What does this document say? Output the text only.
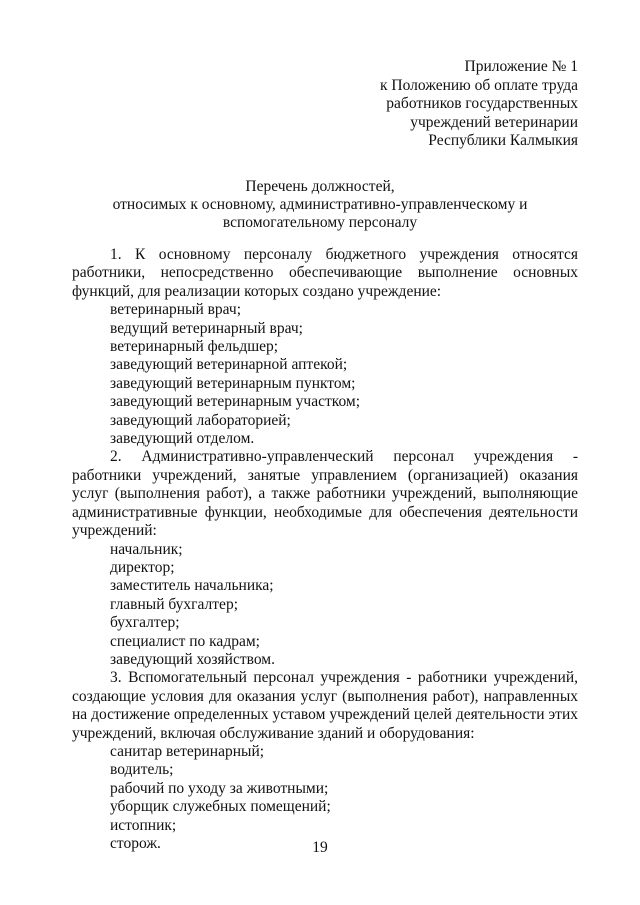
Приложение № 1
к Положению об оплате труда
работников государственных
учреждений ветеринарии
Республики Калмыкия
Перечень должностей,
относимых к основному, административно-управленческому и
вспомогательному персоналу

1. К основному персоналу бюджетного учреждения относятся работники, непосредственно обеспечивающие выполнение основных функций, для реализации которых создано учреждение:

ветеринарный врач;
ведущий ветеринарный врач;
ветеринарный фельдшер;
заведующий ветеринарной аптекой;
заведующий ветеринарным пунктом;
заведующий ветеринарным участком;
заведующий лабораторией;
заведующий отделом.

2. Административно-управленческий персонал учреждения - работники учреждений, занятые управлением (организацией) оказания услуг (выполнения работ), а также работники учреждений, выполняющие административные функции, необходимые для обеспечения деятельности учреждений:

начальник;
директор;
заместитель начальника;
главный бухгалтер;
бухгалтер;
специалист по кадрам;
заведующий хозяйством.

3. Вспомогательный персонал учреждения - работники учреждений, создающие условия для оказания услуг (выполнения работ), направленных на достижение определенных уставом учреждений целей деятельности этих учреждений, включая обслуживание зданий и оборудования:

санитар ветеринарный;
водитель;
рабочий по уходу за животными;
уборщик служебных помещений;
истопник;
сторож.	19
